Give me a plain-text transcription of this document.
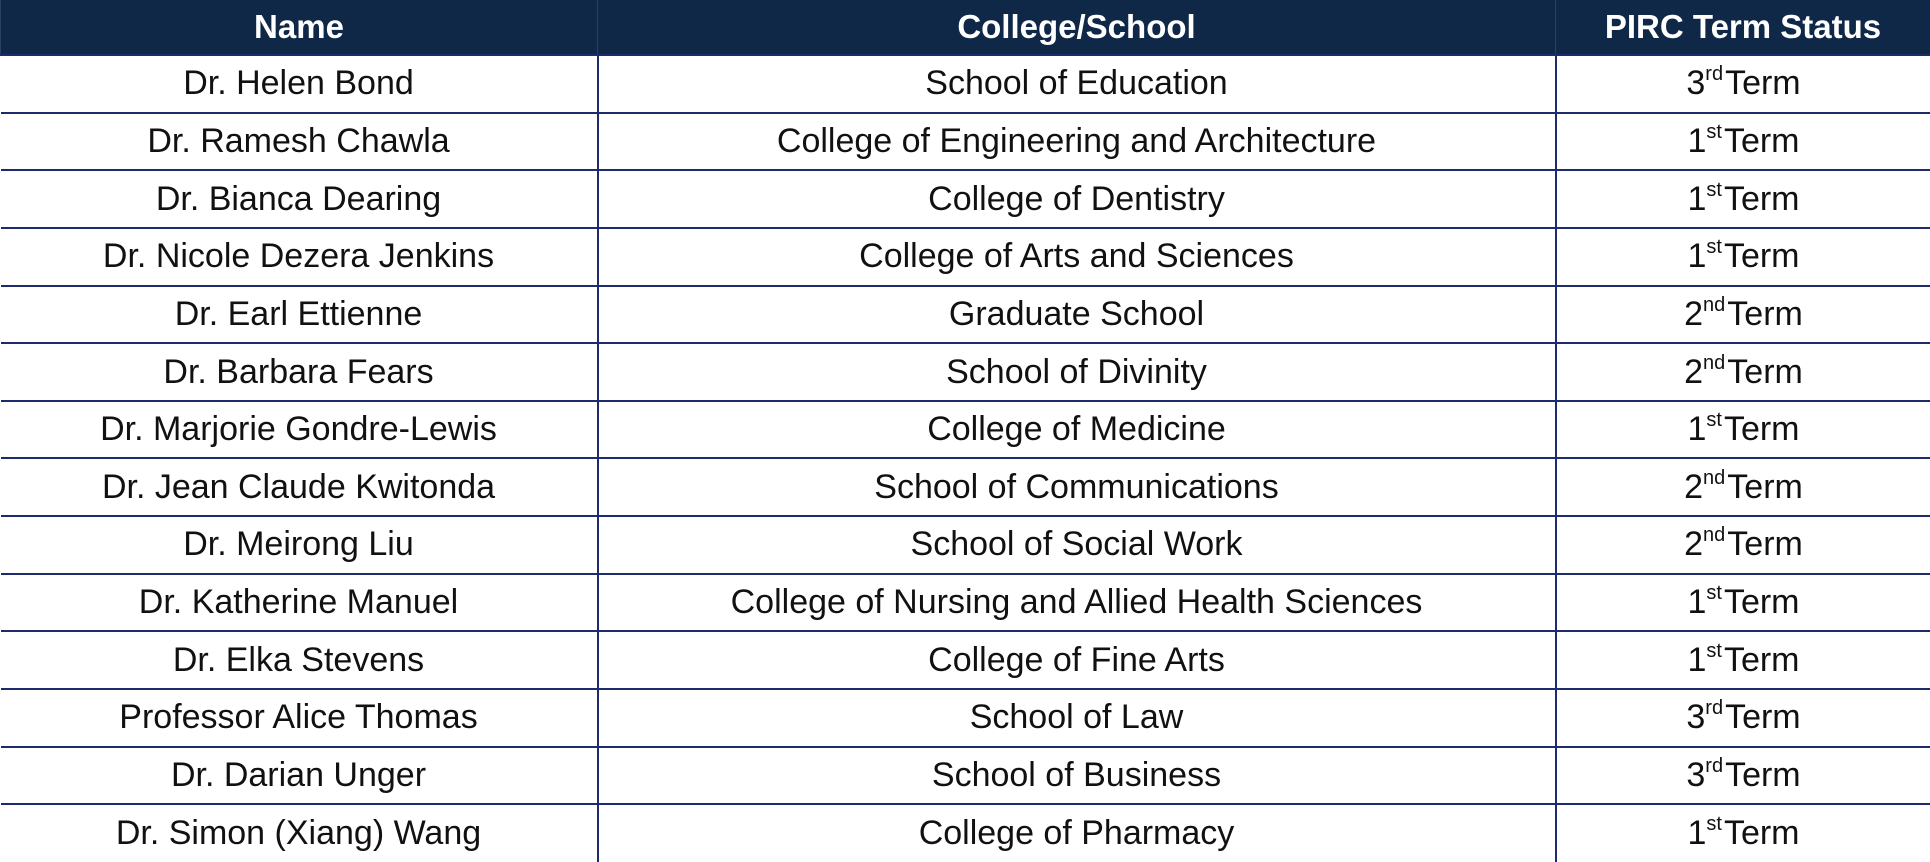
Name	College/School	PIRC Term Status
Dr. Helen Bond	School of Education	3rdTerm
Dr. Ramesh Chawla	College of Engineering and Architecture	1stTerm
Dr. Bianca Dearing	College of Dentistry	1stTerm
Dr. Nicole Dezera Jenkins	College of Arts and Sciences	1stTerm
Dr. Earl Ettienne	Graduate School	2ndTerm
Dr. Barbara Fears	School of Divinity	2ndTerm
Dr. Marjorie Gondre-Lewis	College of Medicine	1stTerm
Dr. Jean Claude Kwitonda	School of Communications	2ndTerm
Dr. Meirong Liu	School of Social Work	2ndTerm
Dr. Katherine Manuel	College of Nursing and Allied Health Sciences	1stTerm
Dr. Elka Stevens	College of Fine Arts	1stTerm
Professor Alice Thomas	School of Law	3rdTerm
Dr. Darian Unger	School of Business	3rdTerm
Dr. Simon (Xiang) Wang	College of Pharmacy	1stTerm
